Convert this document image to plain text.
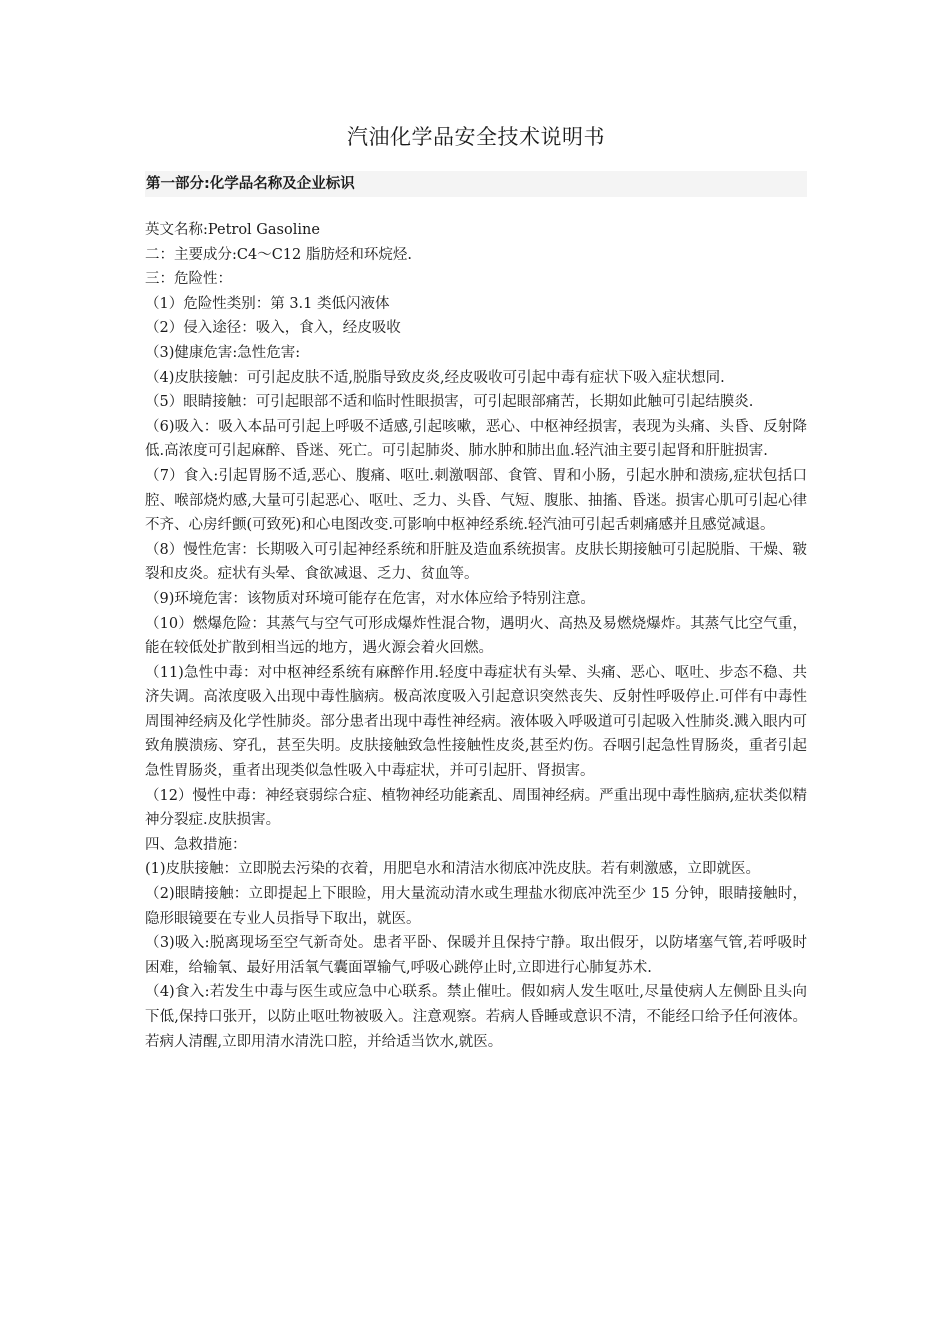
汽油化学品安全技术说明书
第一部分:化学品名称及企业标识

英文名称:Petrol Gasoline

二：主要成分:C4～C12 脂肪烃和环烷烃.

三：危险性：

（1）危险性类别：第 3.1 类低闪液体

（2）侵入途径：吸入，食入，经皮吸收

（3)健康危害:急性危害:

（4)皮肤接触：可引起皮肤不适,脱脂导致皮炎,经皮吸收可引起中毒有症状下吸入症状想同.

（5）眼睛接触：可引起眼部不适和临时性眼损害，可引起眼部痛苦，长期如此触可引起结膜炎.

（6)吸入：吸入本品可引起上呼吸不适感,引起咳嗽，恶心、中枢神经损害，表现为头痛、头昏、反射降低.高浓度可引起麻醉、昏迷、死亡。可引起肺炎、肺水肿和肺出血.轻汽油主要引起肾和肝脏损害.

（7）食入:引起胃肠不适,恶心、腹痛、呕吐.刺激咽部、食管、胃和小肠，引起水肿和溃疡,症状包括口腔、喉部烧灼感,大量可引起恶心、呕吐、乏力、头昏、气短、腹胀、抽搐、昏迷。损害心肌可引起心律不齐、心房纤颤(可致死)和心电图改变.可影响中枢神经系统.轻汽油可引起舌刺痛感并且感觉减退。

（8）慢性危害：长期吸入可引起神经系统和肝脏及造血系统损害。皮肤长期接触可引起脱脂、干燥、皲裂和皮炎。症状有头晕、食欲减退、乏力、贫血等。

（9)环境危害：该物质对环境可能存在危害，对水体应给予特别注意。

（10）燃爆危险：其蒸气与空气可形成爆炸性混合物，遇明火、高热及易燃烧爆炸。其蒸气比空气重，能在较低处扩散到相当远的地方，遇火源会着火回燃。

（11)急性中毒：对中枢神经系统有麻醉作用.轻度中毒症状有头晕、头痛、恶心、呕吐、步态不稳、共济失调。高浓度吸入出现中毒性脑病。极高浓度吸入引起意识突然丧失、反射性呼吸停止.可伴有中毒性周围神经病及化学性肺炎。部分患者出现中毒性神经病。液体吸入呼吸道可引起吸入性肺炎.溅入眼内可致角膜溃疡、穿孔，甚至失明。皮肤接触致急性接触性皮炎,甚至灼伤。吞咽引起急性胃肠炎，重者引起急性胃肠炎，重者出现类似急性吸入中毒症状，并可引起肝、肾损害。

（12）慢性中毒：神经衰弱综合症、植物神经功能紊乱、周围神经病。严重出现中毒性脑病,症状类似精神分裂症.皮肤损害。

四、急救措施：

(1)皮肤接触：立即脱去污染的衣着，用肥皂水和清洁水彻底冲洗皮肤。若有刺激感，立即就医。

（2)眼睛接触：立即提起上下眼睑，用大量流动清水或生理盐水彻底冲洗至少 15 分钟，眼睛接触时，隐形眼镜要在专业人员指导下取出，就医。

（3)吸入:脱离现场至空气新奇处。患者平卧、保暖并且保持宁静。取出假牙，以防堵塞气管,若呼吸时困难，给输氧、最好用活氧气囊面罩输气,呼吸心跳停止时,立即进行心肺复苏术.

（4)食入:若发生中毒与医生或应急中心联系。禁止催吐。假如病人发生呕吐,尽量使病人左侧卧且头向下低,保持口张开，以防止呕吐物被吸入。注意观察。若病人昏睡或意识不清，不能经口给予任何液体。若病人清醒,立即用清水清洗口腔，并给适当饮水,就医。
